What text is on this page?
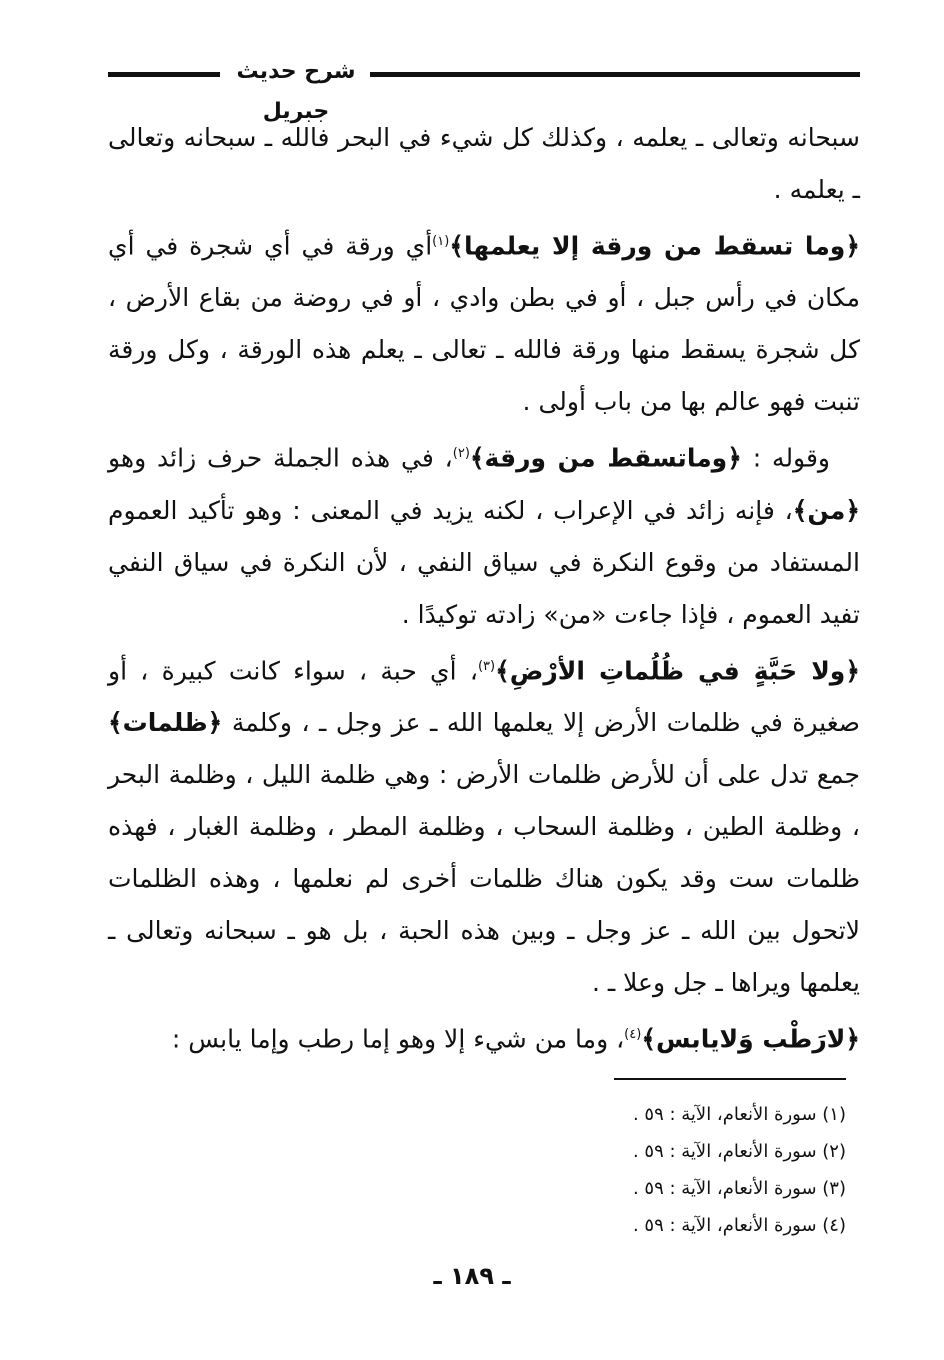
شرح حديث جبريل

سبحانه وتعالى ـ يعلمه ، وكذلك كل شيء في البحر فالله ـ سبحانه وتعالى ـ يعلمه .

﴿وما تسقط من ورقة إلا يعلمها﴾$^{(١)}$أي ورقة في أي شجرة في أي مكان في رأس جبل ، أو في بطن وادي ، أو في روضة من بقاع الأرض ، كل شجرة يسقط منها ورقة فالله ـ تعالى ـ يعلم هذه الورقة ، وكل ورقة تنبت فهو عالم بها من باب أولى .

وقوله : ﴿وماتسقط من ورقة﴾$^{(٢)}$، في هذه الجملة حرف زائد وهو ﴿من﴾، فإنه زائد في الإعراب ، لكنه يزيد في المعنى : وهو تأكيد العموم المستفاد من وقوع النكرة في سياق النفي ، لأن النكرة في سياق النفي تفيد العموم ، فإذا جاءت «من» زادته توكيدًا .

﴿ولا حَبَّةٍ في ظُلُماتِ الأرْضِ﴾$^{(٣)}$، أي حبة ، سواء كانت كبيرة ، أو صغيرة في ظلمات الأرض إلا يعلمها الله ـ عز وجل ـ ، وكلمة ﴿ظلمات﴾ جمع تدل على أن للأرض ظلمات الأرض : وهي ظلمة الليل ، وظلمة البحر ، وظلمة الطين ، وظلمة السحاب ، وظلمة المطر ، وظلمة الغبار ، فهذه ظلمات ست وقد يكون هناك ظلمات أخرى لم نعلمها ، وهذه الظلمات لاتحول بين الله ـ عز وجل ـ وبين هذه الحبة ، بل هو ـ سبحانه وتعالى ـ يعلمها ويراها ـ جل وعلا ـ .

﴿لارَطْب وَلايابس﴾$^{(٤)}$، وما من شيء إلا وهو إما رطب وإما يابس :

(١) سورة الأنعام، الآية : ٥٩ .
(٢) سورة الأنعام، الآية : ٥٩ .
(٣) سورة الأنعام، الآية : ٥٩ .
(٤) سورة الأنعام، الآية : ٥٩ .
ـ ١٨٩ ـ
